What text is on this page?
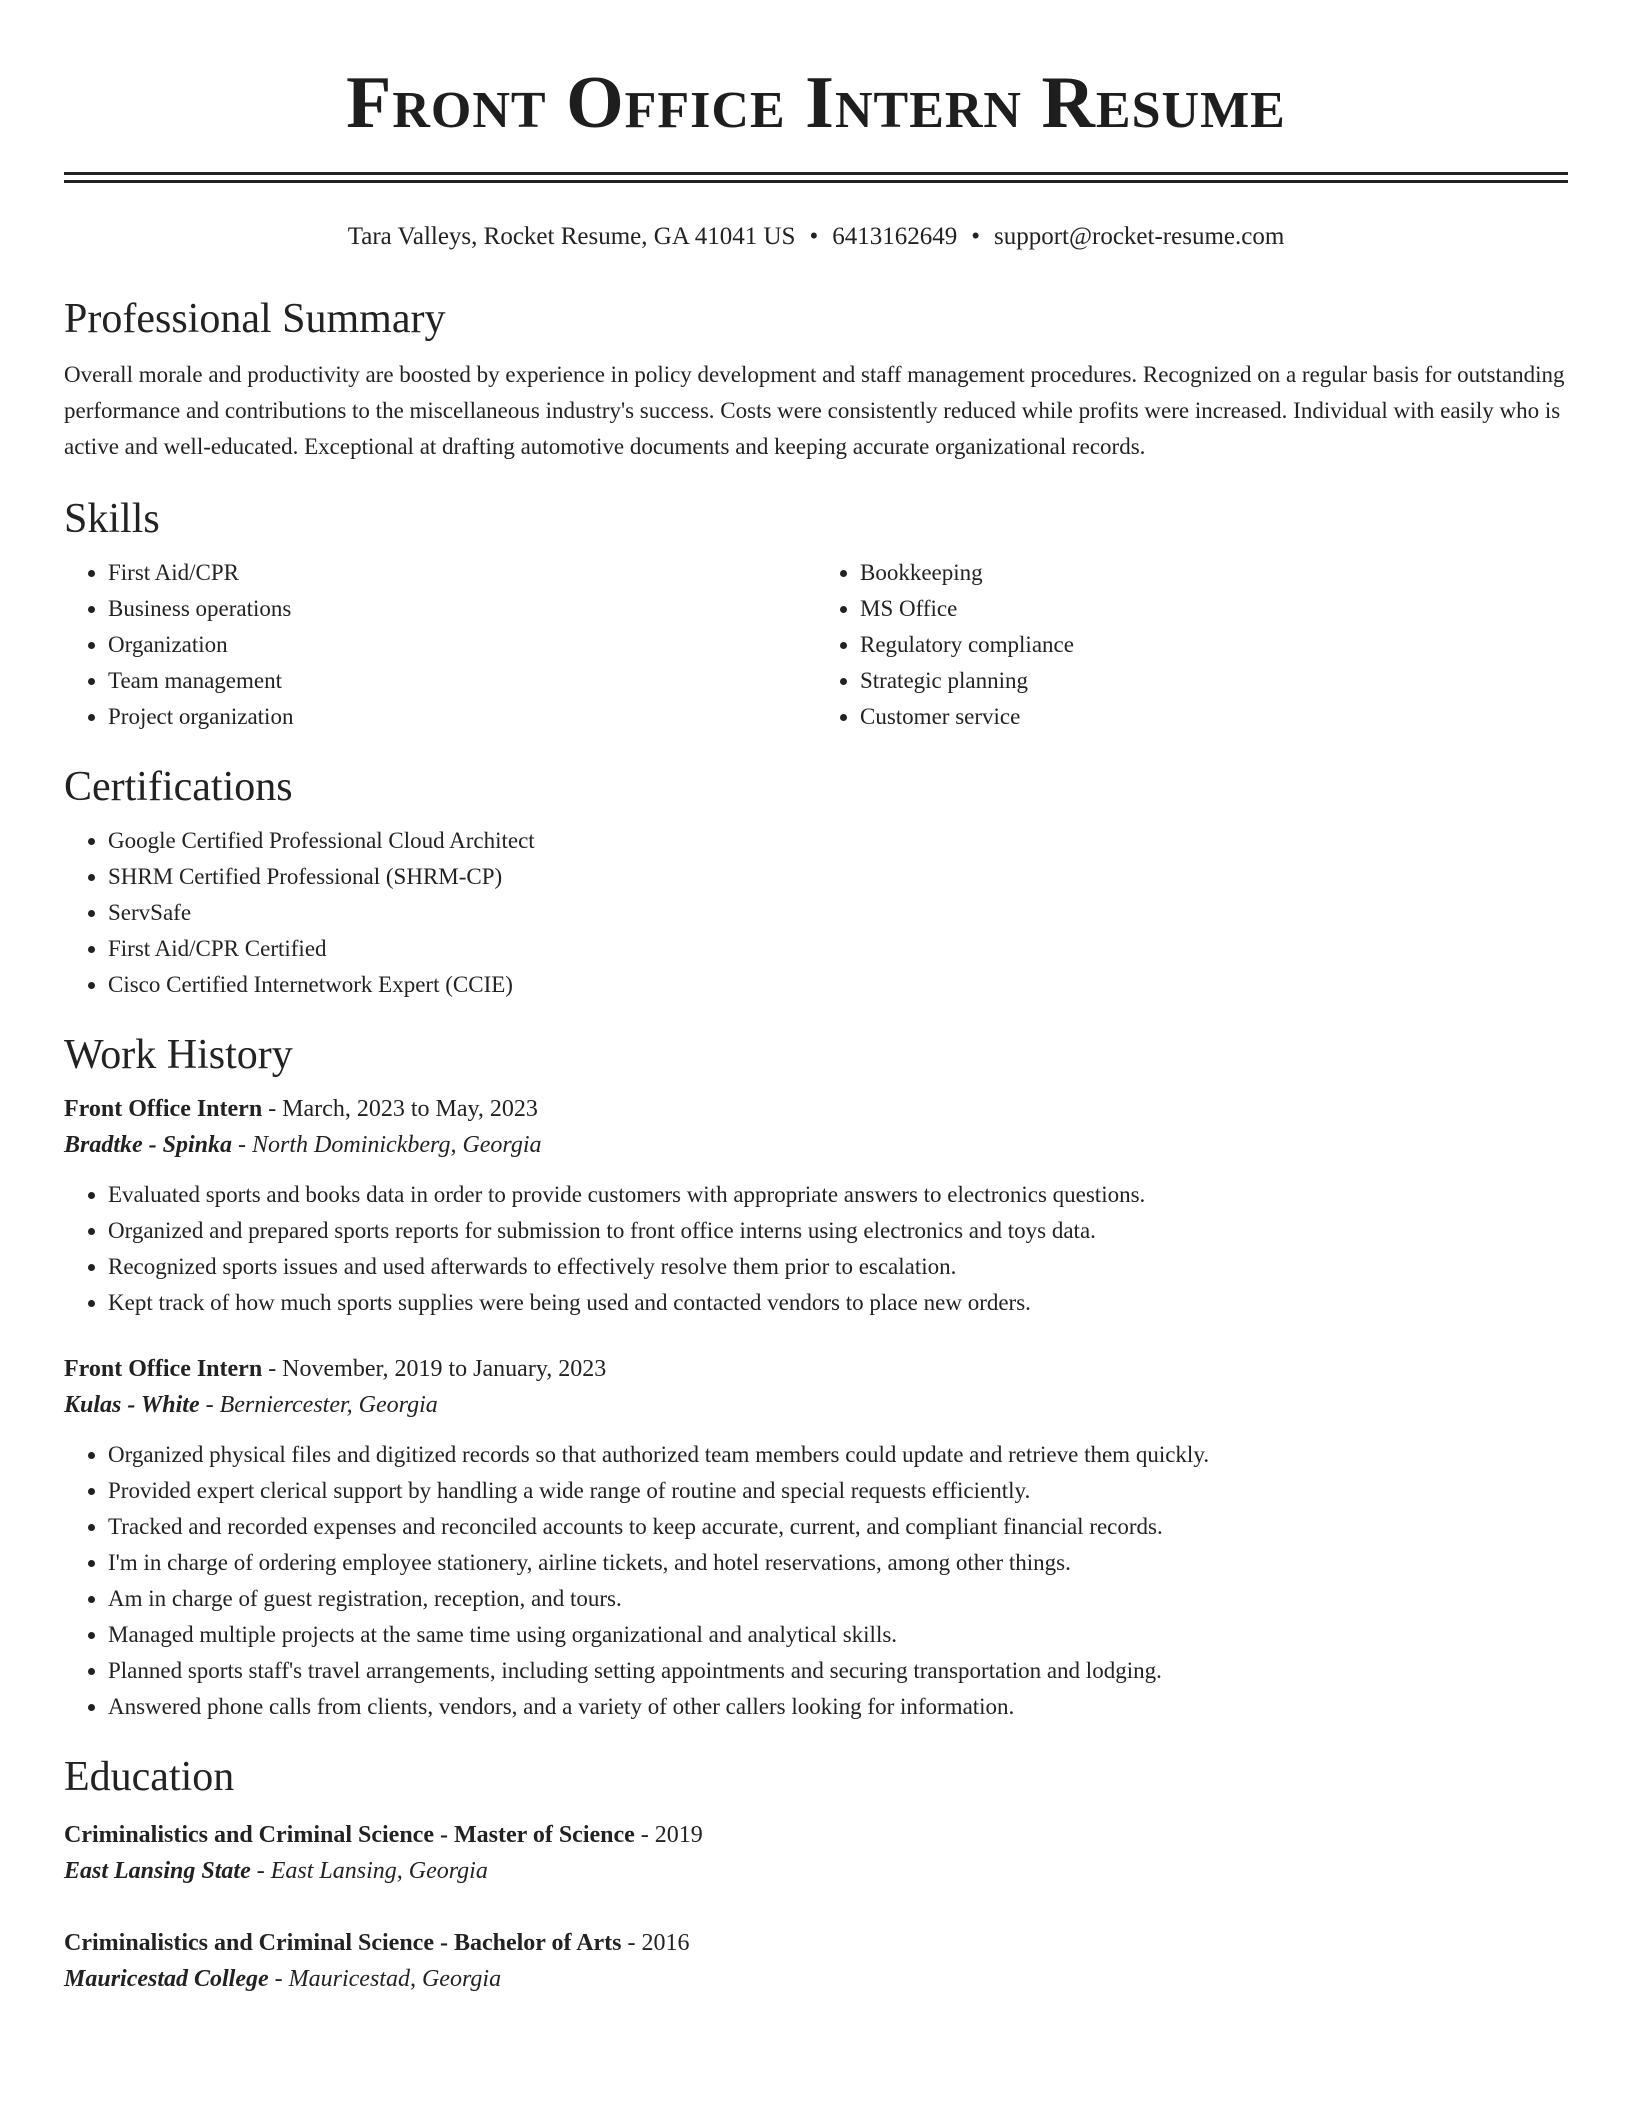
Front Office Intern Resume
Tara Valleys, Rocket Resume, GA 41041 US • 6413162649 • support@rocket-resume.com
Professional Summary

Overall morale and productivity are boosted by experience in policy development and staff management procedures. Recognized on a regular basis for outstanding performance and contributions to the miscellaneous industry's success. Costs were consistently reduced while profits were increased. Individual with easily who is active and well-educated. Exceptional at drafting automotive documents and keeping accurate organizational records.

Skills
• First Aid/CPR
• Business operations
• Organization
• Team management
• Project organization
• Bookkeeping
• MS Office
• Regulatory compliance
• Strategic planning
• Customer service
Certifications
• Google Certified Professional Cloud Architect
• SHRM Certified Professional (SHRM-CP)
• ServSafe
• First Aid/CPR Certified
• Cisco Certified Internetwork Expert (CCIE)
Work History

Front Office Intern - March, 2023 to May, 2023

Bradtke - Spinka - North Dominickberg, Georgia

• Evaluated sports and books data in order to provide customers with appropriate answers to electronics questions.
• Organized and prepared sports reports for submission to front office interns using electronics and toys data.
• Recognized sports issues and used afterwards to effectively resolve them prior to escalation.
• Kept track of how much sports supplies were being used and contacted vendors to place new orders.

Front Office Intern - November, 2019 to January, 2023

Kulas - White - Berniercester, Georgia

• Organized physical files and digitized records so that authorized team members could update and retrieve them quickly.
• Provided expert clerical support by handling a wide range of routine and special requests efficiently.
• Tracked and recorded expenses and reconciled accounts to keep accurate, current, and compliant financial records.
• I'm in charge of ordering employee stationery, airline tickets, and hotel reservations, among other things.
• Am in charge of guest registration, reception, and tours.
• Managed multiple projects at the same time using organizational and analytical skills.
• Planned sports staff's travel arrangements, including setting appointments and securing transportation and lodging.
• Answered phone calls from clients, vendors, and a variety of other callers looking for information.
Education

Criminalistics and Criminal Science - Master of Science - 2019

East Lansing State - East Lansing, Georgia

Criminalistics and Criminal Science - Bachelor of Arts - 2016

Mauricestad College - Mauricestad, Georgia
